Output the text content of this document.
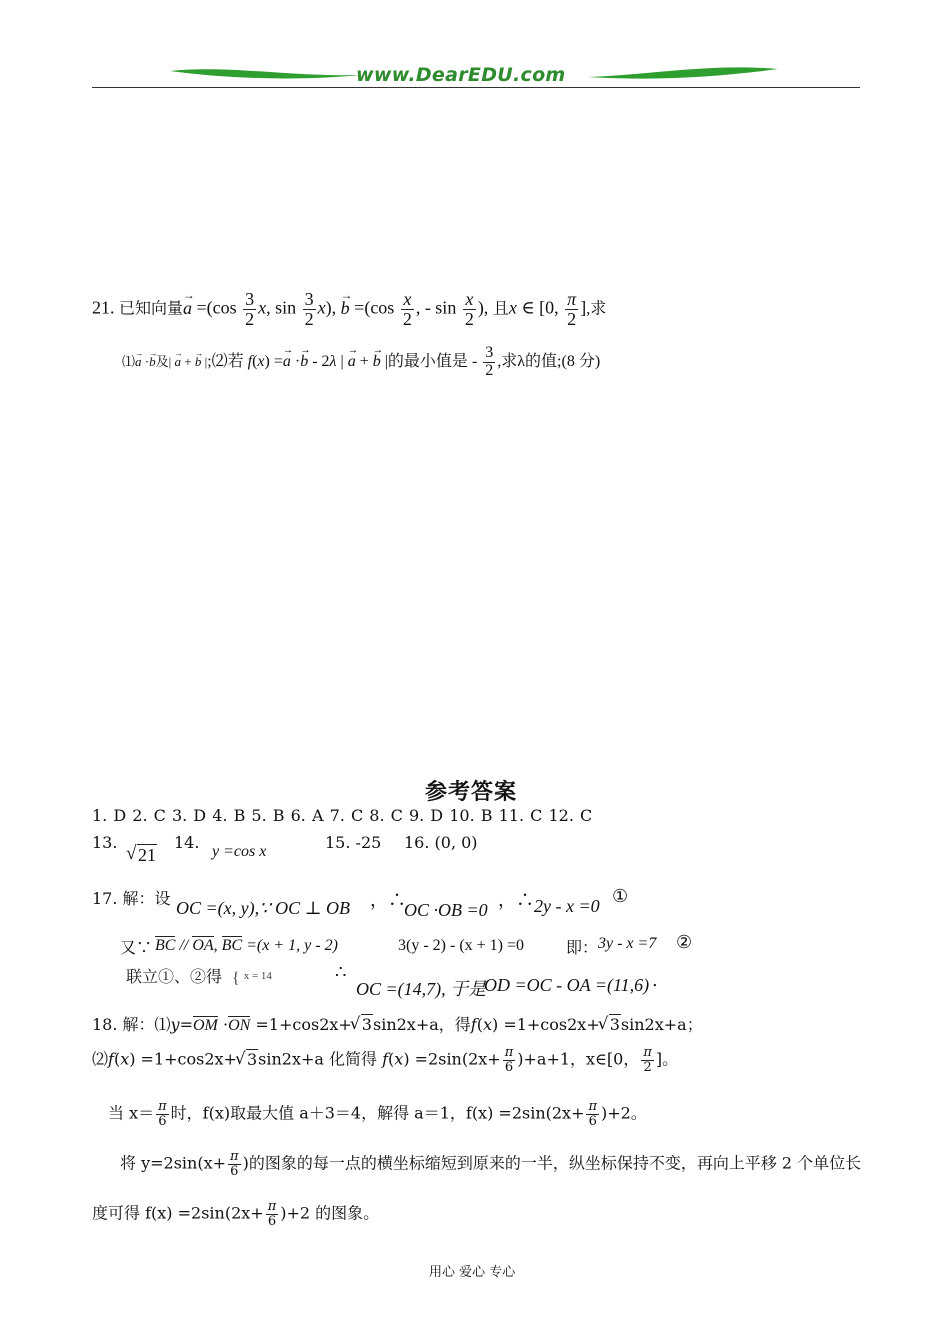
www.DearEDU.com
21. 已知向量→ $a =(\cos \frac{3}{2} x$, $\sin \frac{3}{2} x$), → $b =(\cos \frac{x}{2}$ , - $\sin \frac{x}{2}$ ), 且x ∈ [0, $\frac{\pi}{2}$ ],求
⑴→ a ·→ b及| → a + → b |;⑵若 f(x) =→ a ·→ b - 2λ | → a + → b |的最小值是 - $\frac{3}{2}$ ,求λ的值;(8 分)
参考答案
1. D 2. C 3. D 4. B 5. B 6. A 7. C 8. C 9. D 10. B 11. C 12. C
13.
√ 21
14. y =cos x	15. -25 16. (0, 0)
17. 解：设 OC =(x, y),∵ OC ⊥ OB ，∴
OC ·OB =0 ，∴ 2y - x =0 ①
又∵ BC // OA, BC =(x + 1, y - 2)	3(y - 2) - (x + 1) =0	即： 3y - x =7 ②
联立①、②得 { $^{x = 14}$	∴
OC =(14,7), 于是
OD =OC - OA =(11,6) .
18. 解：⑴y=OM ·ON =1+cos2x+ √ 3sin2x+a，得f(x) =1+cos2x+ √ 3sin2x+a；
⑵f(x) =1+cos2x+ √ 3sin2x+a 化简得 $f(x) =2\sin(2x+ \frac{\pi}{6} )+a+1$，x∈[0， $\frac{\pi}{2}$ ]。
当 $x= \frac{\pi}{6}$ 时，f(x)取最大值 a＋3＝4，解得 a＝1，$f(x) =2\sin(2x+ \frac{\pi}{6} )+2$。
将 $y=2\sin(x+ \frac{\pi}{6}$ )的图象的每一点的横坐标缩短到原来的一半，纵坐标保持不变，再向上平移 2 个单位长
度可得 $f(x) =2\sin(2x+ \frac{\pi}{6} )+2$ 的图象。
用心 爱心 专心
